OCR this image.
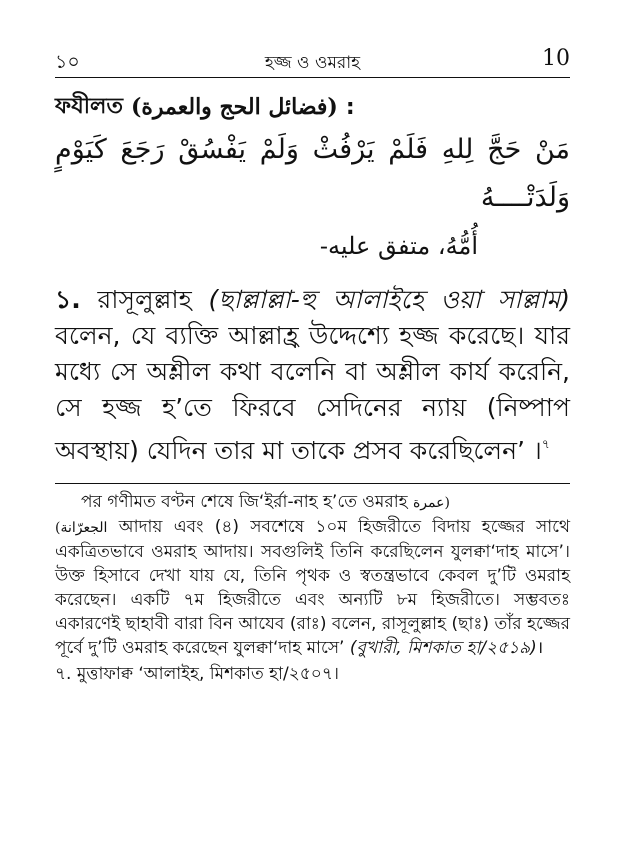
১০	হজ্জ ও ওমরাহ	10
ফযীলত (فضائل الحج والعمرة) :
مَنْ حَجَّ لِلهِ فَلَمْ يَرْفُثْ وَلَمْ يَفْسُقْ رَجَعَ كَيَوْمٍ وَلَدَتْــــهُ
أُمُّهُ، متفق عليه-
১. রাসূলুল্লাহ (ছাল্লাল্লা-হু আলাইহে ওয়া সাল্লাম) বলেন, যে ব্যক্তি আল্লাহ্র উদ্দেশ্যে হজ্জ করেছে। যার মধ্যে সে অশ্লীল কথা বলেনি বা অশ্লীল কার্য করেনি, সে হজ্জ হ’তে ফিরবে সেদিনের ন্যায় (নিষ্পাপ অবস্থায়) যেদিন তার মা তাকে প্রসব করেছিলেন’ ।$^৭$
পর গণীমত বণ্টন শেষে জি‘ইর্রা-নাহ হ’তে ওমরাহ (عمرة
الجعرّانة) আদায় এবং (৪) সবশেষে ১০ম হিজরীতে বিদায় হজ্জের সাথে একত্রিতভাবে ওমরাহ আদায়। সবগুলিই তিনি করেছিলেন যুলক্বা‘দাহ মাসে’। উক্ত হিসাবে দেখা যায় যে, তিনি পৃথক ও স্বতন্ত্রভাবে কেবল দু’টি ওমরাহ করেছেন। একটি ৭ম হিজরীতে এবং অন্যটি ৮ম হিজরীতে। সম্ভবতঃ একারণেই ছাহাবী বারা বিন আযেব (রাঃ) বলেন, রাসূলুল্লাহ (ছাঃ) তাঁর হজ্জের পূর্বে দু’টি ওমরাহ করেছেন যুলক্বা‘দাহ মাসে’ (বুখারী, মিশকাত হা/২৫১৯)।
৭. মুত্তাফাক্ব ‘আলাইহ, মিশকাত হা/২৫০৭।
